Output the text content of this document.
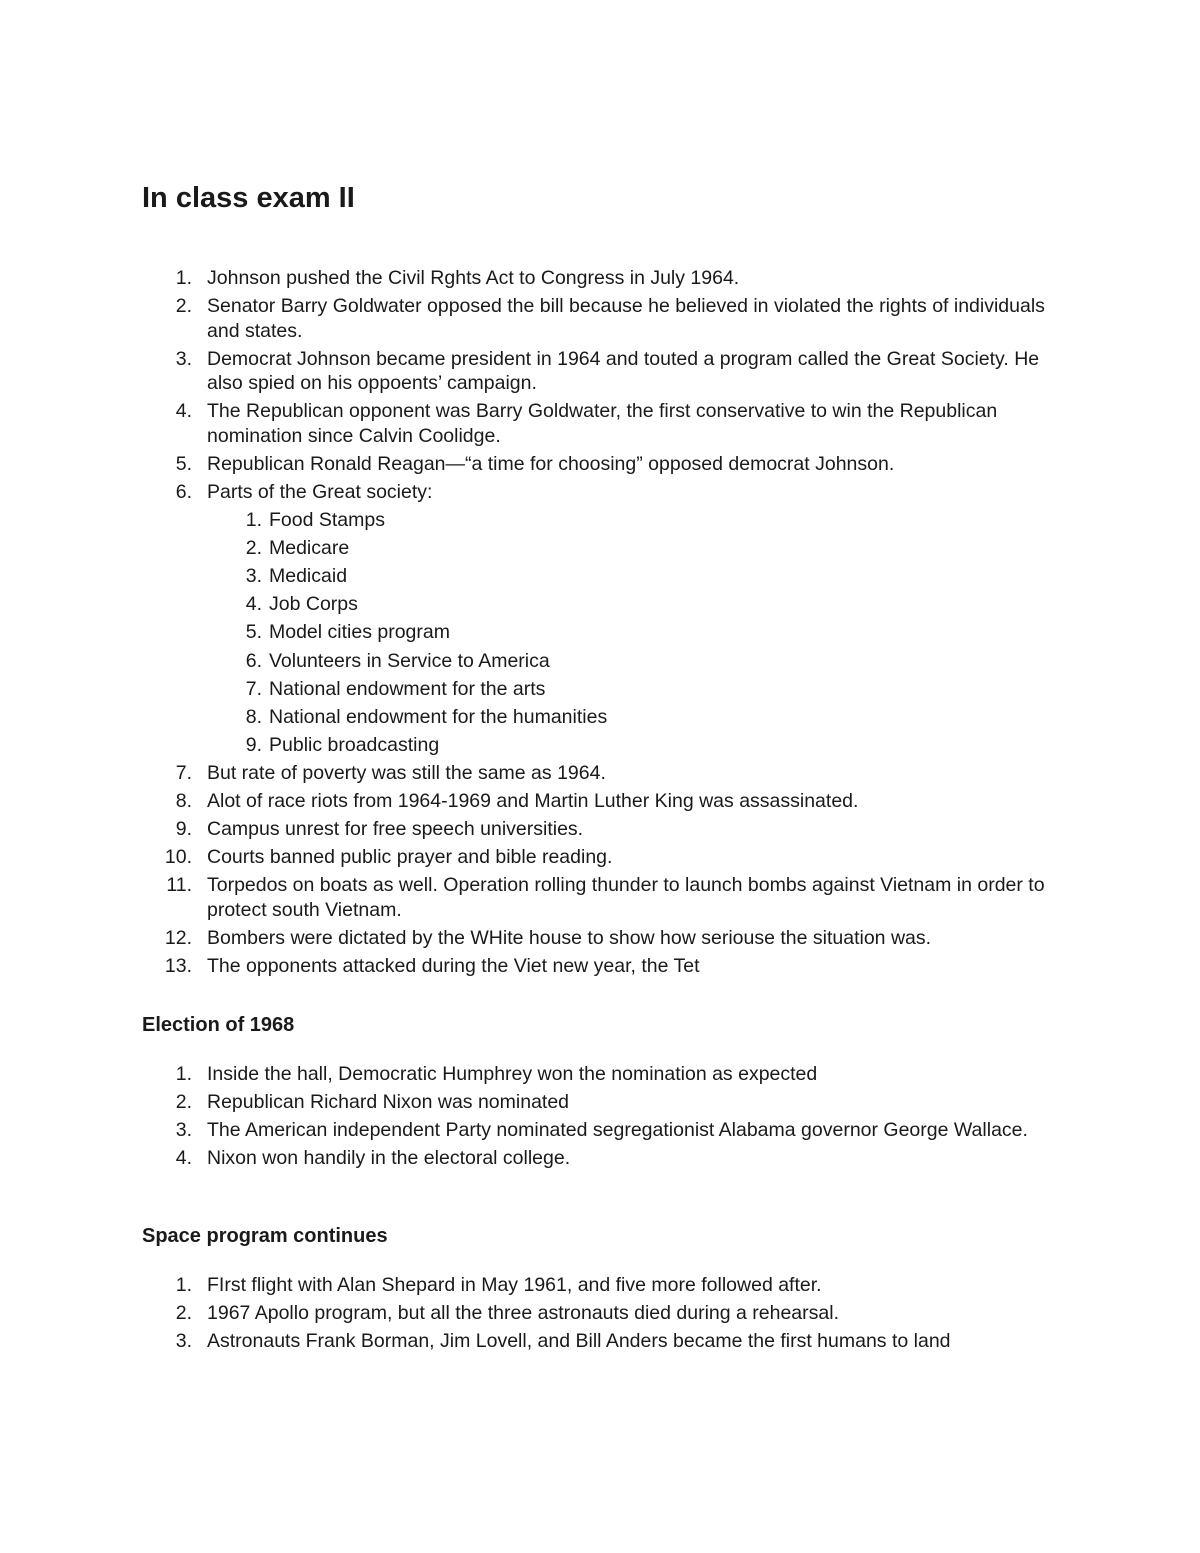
In class exam II
1. Johnson pushed the Civil Rghts Act to Congress in July 1964.
2. Senator Barry Goldwater opposed the bill because he believed in violated the rights of individuals and states.
3. Democrat Johnson became president in 1964 and touted a program called the Great Society. He also spied on his oppoents’ campaign.
4. The Republican opponent was Barry Goldwater, the first conservative to win the Republican nomination since Calvin Coolidge.
5. Republican Ronald Reagan—“a time for choosing” opposed democrat Johnson.
6. Parts of the Great society:
1. Food Stamps
2. Medicare
3. Medicaid
4. Job Corps
5. Model cities program
6. Volunteers in Service to America
7. National endowment for the arts
8. National endowment for the humanities
9. Public broadcasting
7. But rate of poverty was still the same as 1964.
8. Alot of race riots from 1964-1969 and Martin Luther King was assassinated.
9. Campus unrest for free speech universities.
10. Courts banned public prayer and bible reading.
11. Torpedos on boats as well. Operation rolling thunder to launch bombs against Vietnam in order to protect south Vietnam.
12. Bombers were dictated by the WHite house to show how seriouse the situation was.
13. The opponents attacked during the Viet new year, the Tet
Election of 1968
1. Inside the hall, Democratic Humphrey won the nomination as expected
2. Republican Richard Nixon was nominated
3. The American independent Party nominated segregationist Alabama governor George Wallace.
4. Nixon won handily in the electoral college.
Space program continues
1. FIrst flight with Alan Shepard in May 1961, and five more followed after.
2. 1967 Apollo program, but all the three astronauts died during a rehearsal.
3. Astronauts Frank Borman, Jim Lovell, and Bill Anders became the first humans to land
